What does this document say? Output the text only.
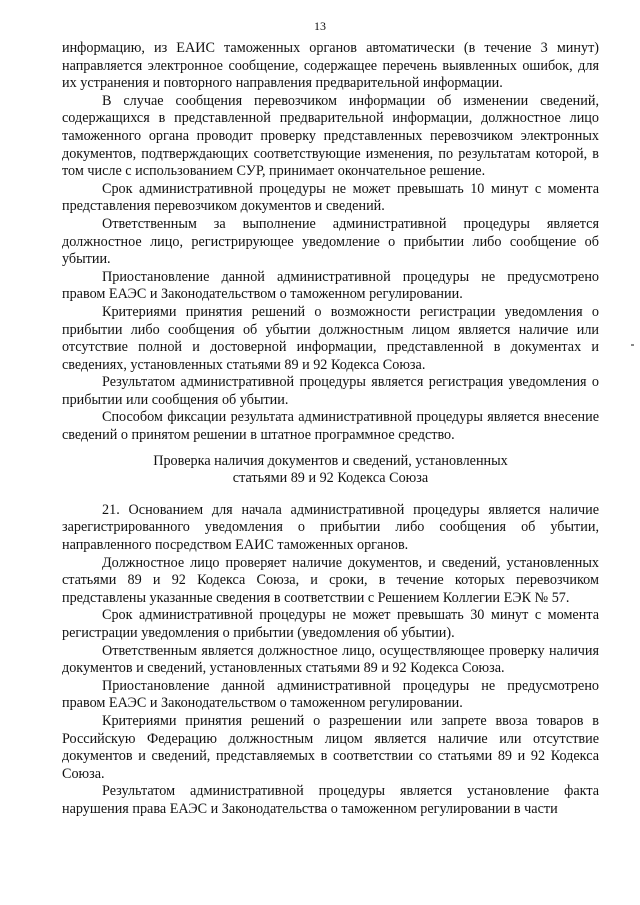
13

информацию, из ЕАИС таможенных органов автоматически (в течение 3 минут) направляется электронное сообщение, содержащее перечень выявленных ошибок, для их устранения и повторного направления предварительной информации.

В случае сообщения перевозчиком информации об изменении сведений, содержащихся в представленной предварительной информации, должностное лицо таможенного органа проводит проверку представленных перевозчиком электронных документов, подтверждающих соответствующие изменения, по результатам которой, в том числе с использованием СУР, принимает окончательное решение.

Срок административной процедуры не может превышать 10 минут с момента представления перевозчиком документов и сведений.

Ответственным за выполнение административной процедуры является должностное лицо, регистрирующее уведомление о прибытии либо сообщение об убытии.

Приостановление данной административной процедуры не предусмотрено правом ЕАЭС и Законодательством о таможенном регулировании.

Критериями принятия решений о возможности регистрации уведомления о прибытии либо сообщения об убытии должностным лицом является наличие или отсутствие полной и достоверной информации, представленной в документах и сведениях, установленных статьями 89 и 92 Кодекса Союза.

Результатом административной процедуры является регистрация уведомления о прибытии или сообщения об убытии.

Способом фиксации результата административной процедуры является внесение сведений о принятом решении в штатное программное средство.

Проверка наличия документов и сведений, установленных
статьями 89 и 92 Кодекса Союза

21. Основанием для начала административной процедуры является наличие зарегистрированного уведомления о прибытии либо сообщения об убытии, направленного посредством ЕАИС таможенных органов.

Должностное лицо проверяет наличие документов, и сведений, установленных статьями 89 и 92 Кодекса Союза, и сроки, в течение которых перевозчиком представлены указанные сведения в соответствии с Решением Коллегии ЕЭК № 57.

Срок административной процедуры не может превышать 30 минут с момента регистрации уведомления о прибытии (уведомления об убытии).

Ответственным является должностное лицо, осуществляющее проверку наличия документов и сведений, установленных статьями 89 и 92 Кодекса Союза.

Приостановление данной административной процедуры не предусмотрено правом ЕАЭС и Законодательством о таможенном регулировании.

Критериями принятия решений о разрешении или запрете ввоза товаров в Российскую Федерацию должностным лицом является наличие или отсутствие документов и сведений, представляемых в соответствии со статьями 89 и 92 Кодекса Союза.

Результатом административной процедуры является установление факта нарушения права ЕАЭС и Законодательства о таможенном регулировании в части
